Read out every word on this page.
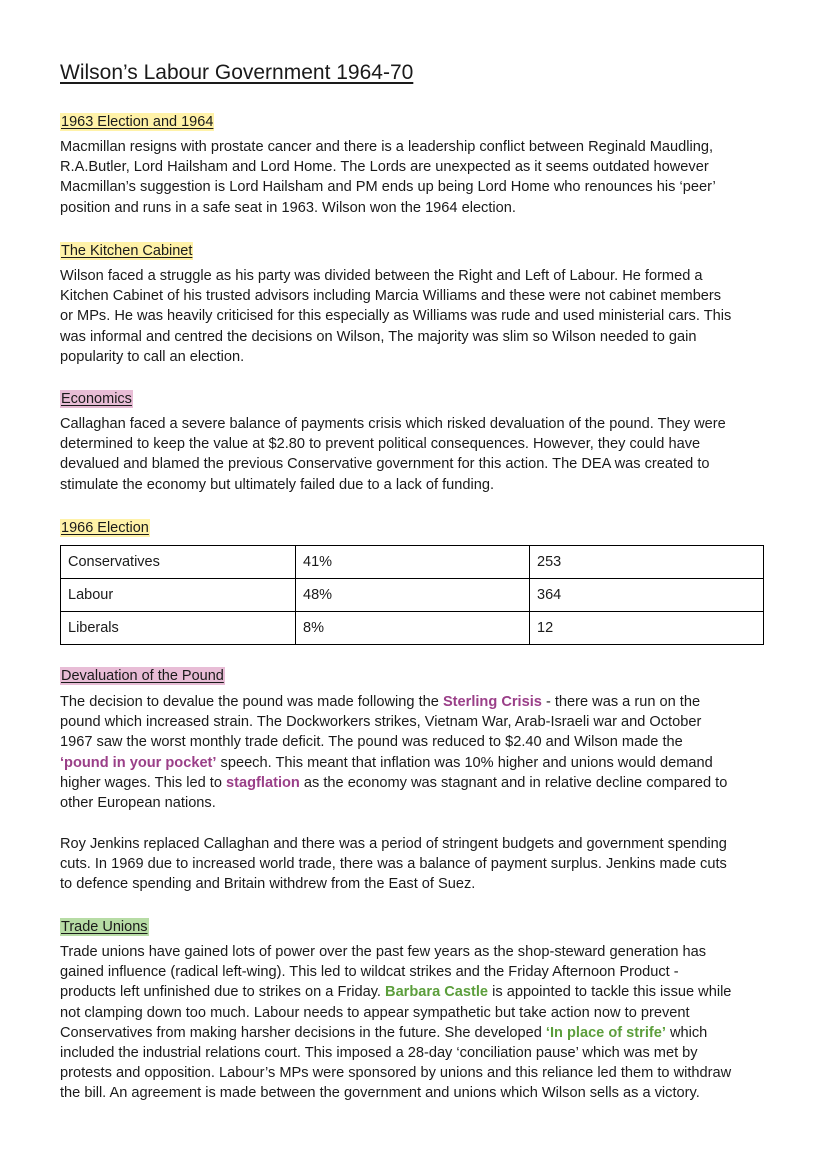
Wilson’s Labour Government 1964-70
1963 Election and 1964

Macmillan resigns with prostate cancer and there is a leadership conflict between Reginald Maudling,
R.A.Butler, Lord Hailsham and Lord Home. The Lords are unexpected as it seems outdated however
Macmillan’s suggestion is Lord Hailsham and PM ends up being Lord Home who renounces his ‘peer’
position and runs in a safe seat in 1963. Wilson won the 1964 election.

The Kitchen Cabinet

Wilson faced a struggle as his party was divided between the Right and Left of Labour. He formed a
Kitchen Cabinet of his trusted advisors including Marcia Williams and these were not cabinet members
or MPs. He was heavily criticised for this especially as Williams was rude and used ministerial cars. This
was informal and centred the decisions on Wilson, The majority was slim so Wilson needed to gain
popularity to call an election.

Economics

Callaghan faced a severe balance of payments crisis which risked devaluation of the pound. They were
determined to keep the value at $2.80 to prevent political consequences. However, they could have
devalued and blamed the previous Conservative government for this action. The DEA was created to
stimulate the economy but ultimately failed due to a lack of funding.

1966 Election
Conservatives	41%	253
Labour	48%	364
Liberals	8%	12
Devaluation of the Pound

The decision to devalue the pound was made following the Sterling Crisis - there was a run on the
pound which increased strain. The Dockworkers strikes, Vietnam War, Arab-Israeli war and October
1967 saw the worst monthly trade deficit. The pound was reduced to $2.40 and Wilson made the
‘pound in your pocket’ speech. This meant that inflation was 10% higher and unions would demand
higher wages. This led to stagflation as the economy was stagnant and in relative decline compared to
other European nations.

Roy Jenkins replaced Callaghan and there was a period of stringent budgets and government spending
cuts. In 1969 due to increased world trade, there was a balance of payment surplus. Jenkins made cuts
to defence spending and Britain withdrew from the East of Suez.

Trade Unions

Trade unions have gained lots of power over the past few years as the shop-steward generation has
gained influence (radical left-wing). This led to wildcat strikes and the Friday Afternoon Product -
products left unfinished due to strikes on a Friday. Barbara Castle is appointed to tackle this issue while
not clamping down too much. Labour needs to appear sympathetic but take action now to prevent
Conservatives from making harsher decisions in the future. She developed ‘In place of strife’ which
included the industrial relations court. This imposed a 28-day ‘conciliation pause’ which was met by
protests and opposition. Labour’s MPs were sponsored by unions and this reliance led them to withdraw
the bill. An agreement is made between the government and unions which Wilson sells as a victory.
